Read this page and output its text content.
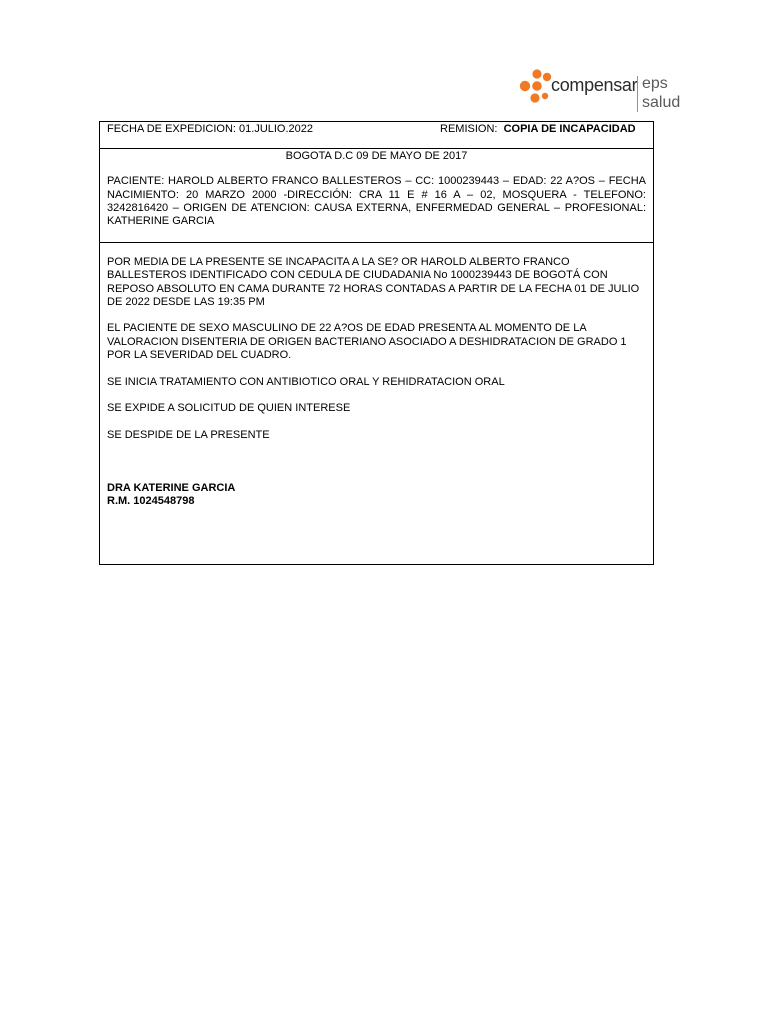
compensar eps
salud
FECHA DE EXPEDICION: 01.JULIO.2022	REMISION: COPIA DE INCAPACIDAD
BOGOTA D.C 09 DE MAYO DE 2017
PACIENTE: HAROLD ALBERTO FRANCO BALLESTEROS – CC: 1000239443 – EDAD: 22 A?OS – FECHA NACIMIENTO: 20 MARZO 2000 -DIRECCIÓN: CRA 11 E # 16 A – 02, MOSQUERA - TELEFONO: 3242816420 – ORIGEN DE ATENCION: CAUSA EXTERNA, ENFERMEDAD GENERAL – PROFESIONAL: KATHERINE GARCIA

POR MEDIA DE LA PRESENTE SE INCAPACITA A LA SE? OR HAROLD ALBERTO FRANCO BALLESTEROS IDENTIFICADO CON CEDULA DE CIUDADANIA No 1000239443 DE BOGOTÁ CON REPOSO ABSOLUTO EN CAMA DURANTE 72 HORAS CONTADAS A PARTIR DE LA FECHA 01 DE JULIO DE 2022 DESDE LAS 19:35 PM

EL PACIENTE DE SEXO MASCULINO DE 22 A?OS DE EDAD PRESENTA AL MOMENTO DE LA VALORACION DISENTERIA DE ORIGEN BACTERIANO ASOCIADO A DESHIDRATACION DE GRADO 1 POR LA SEVERIDAD DEL CUADRO.

SE INICIA TRATAMIENTO CON ANTIBIOTICO ORAL Y REHIDRATACION ORAL

SE EXPIDE A SOLICITUD DE QUIEN INTERESE

SE DESPIDE DE LA PRESENTE

DRA KATERINE GARCIA
R.M. 1024548798
